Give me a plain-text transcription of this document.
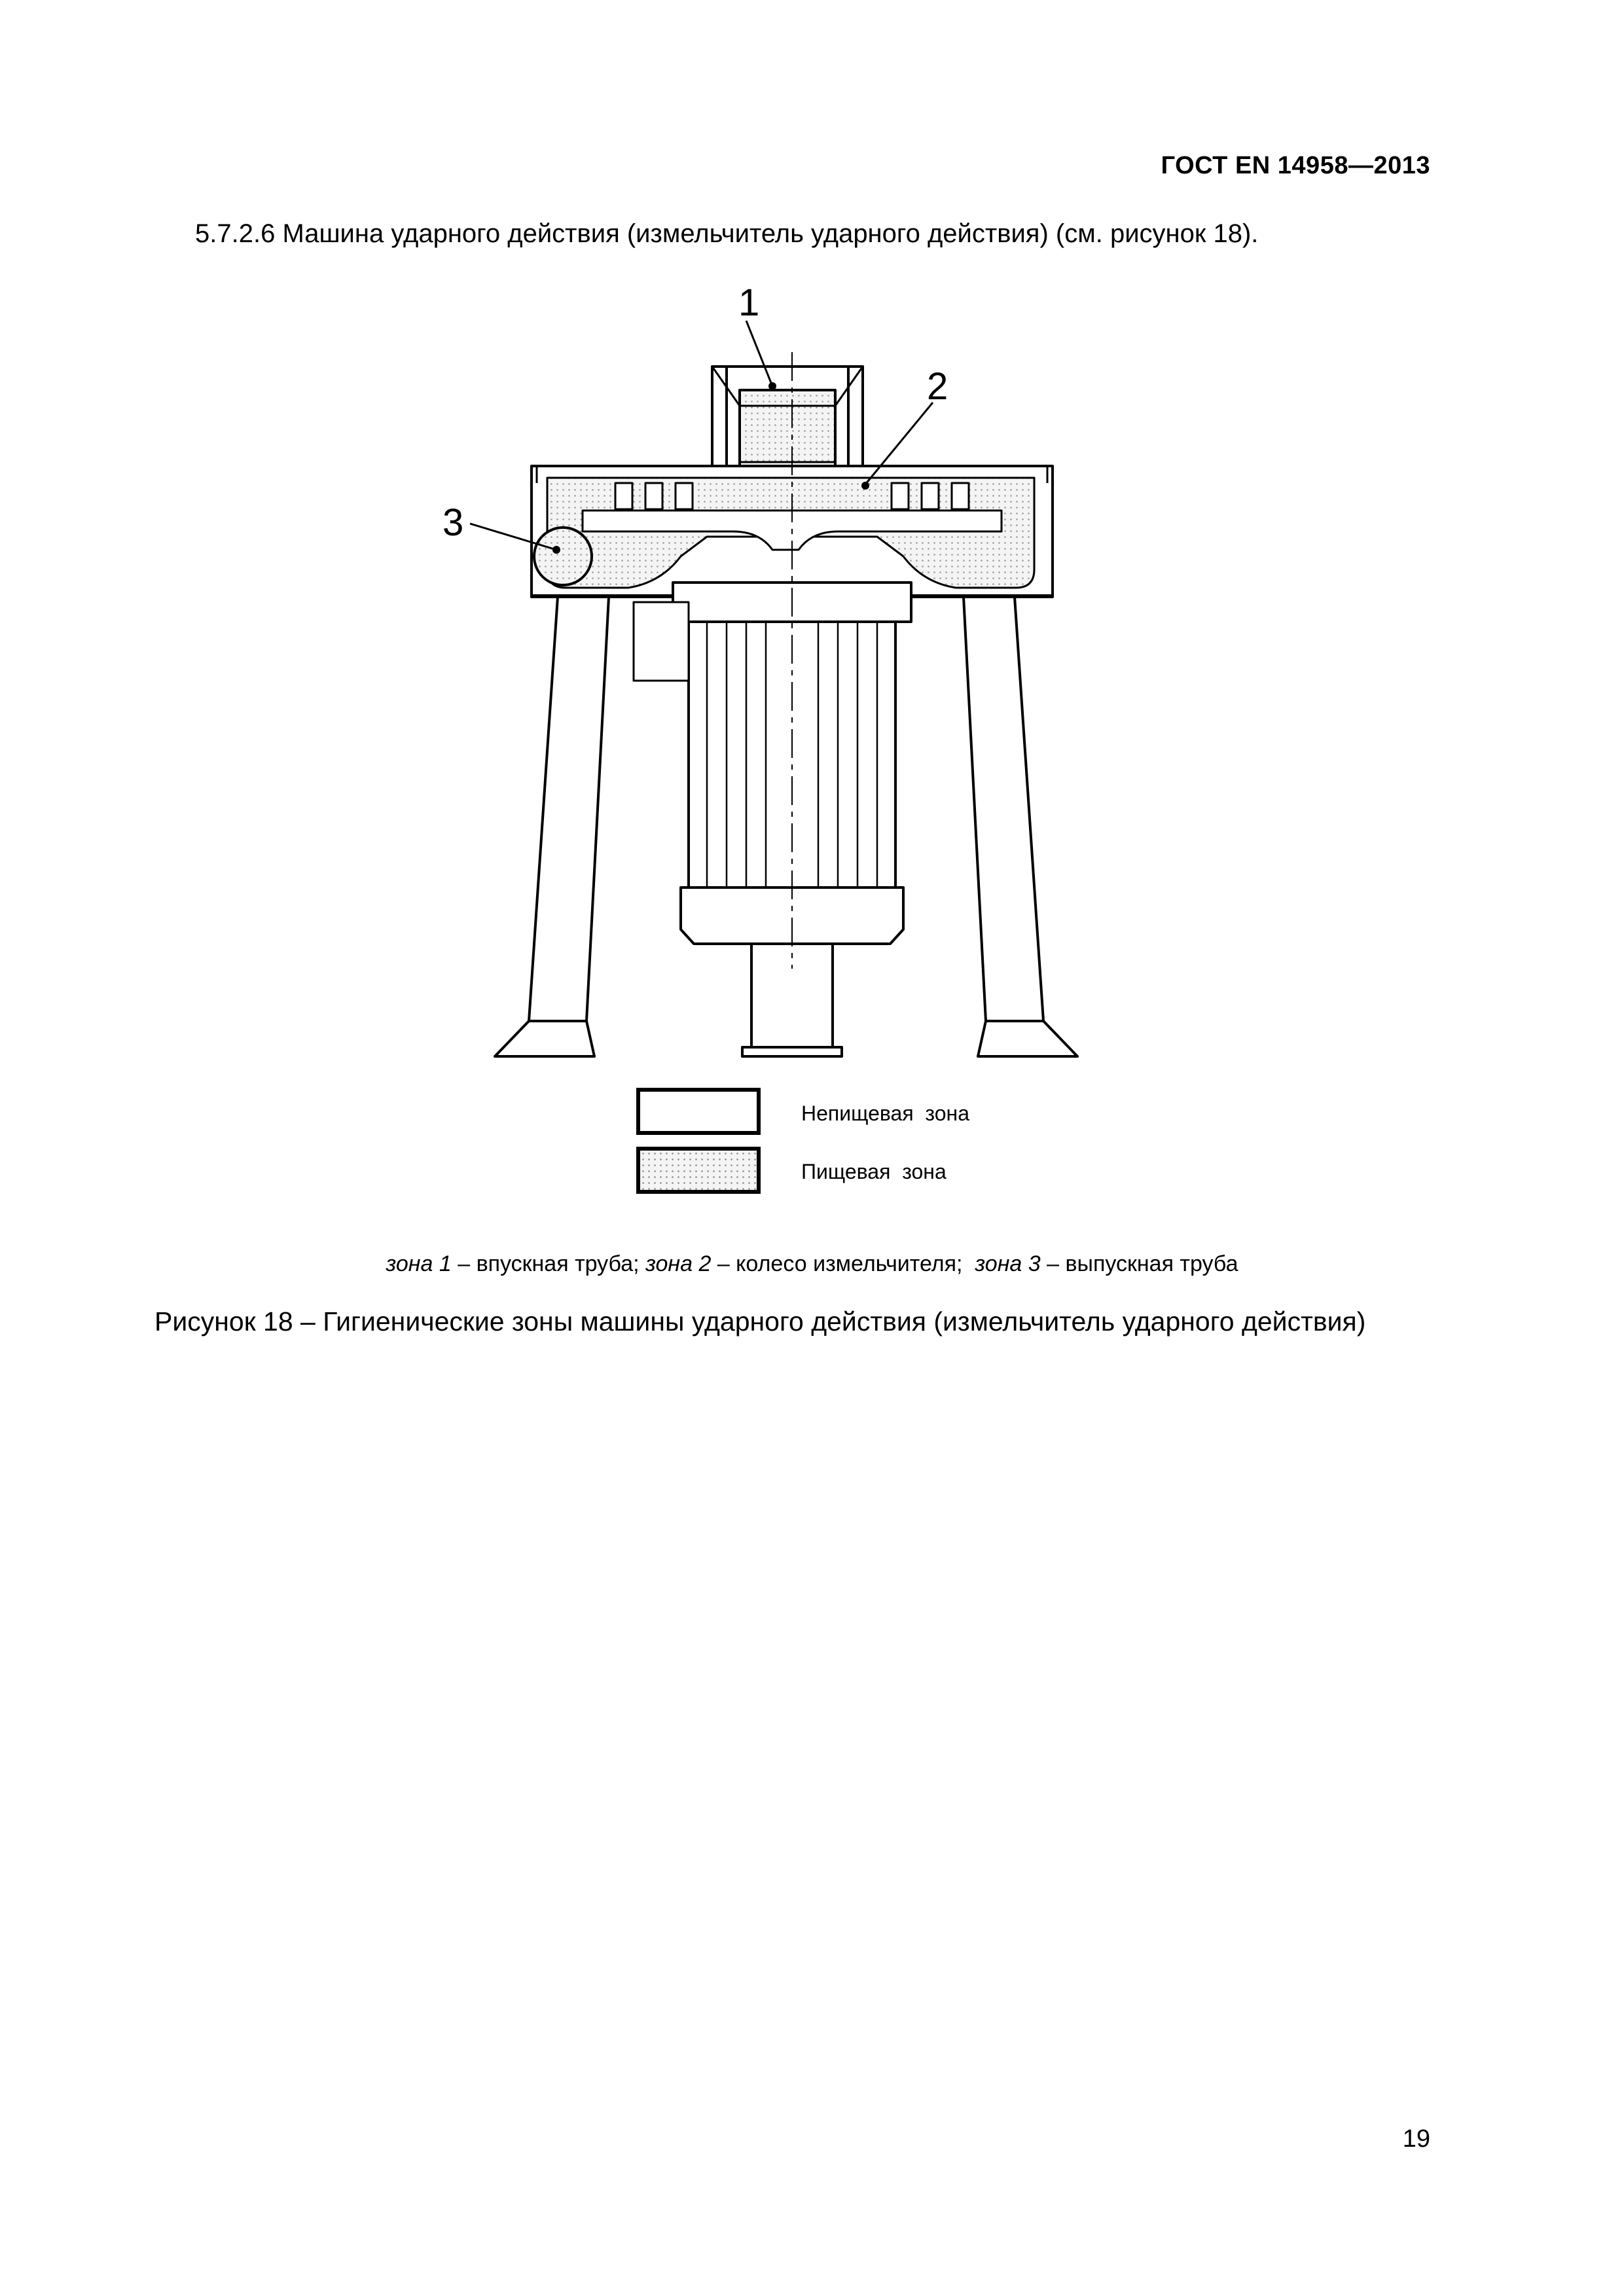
ГОСТ EN 14958—2013
5.7.2.6 Машина ударного действия (измельчитель ударного действия) (см. рисунок 18).
1
2
3
Непищевая  зона
Пищевая  зона
зона 1 – впускная труба; зона 2 – колесо измельчителя;  зона 3 – выпускная труба
Рисунок 18 – Гигиенические зоны машины ударного действия (измельчитель ударного действия)
19
